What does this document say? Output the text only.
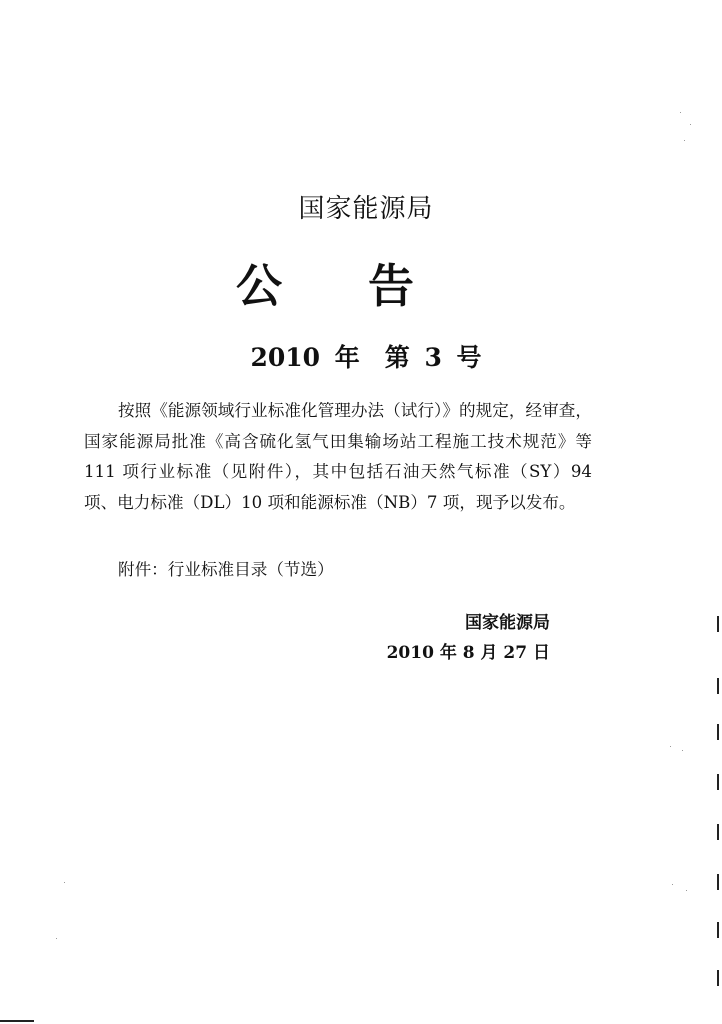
国家能源局
公 告
2010 年　第 3 号

按照《能源领域行业标准化管理办法（试行）》的规定，经审查，国家能源局批准《高含硫化氢气田集输场站工程施工技术规范》等 111 项行业标准（见附件），其中包括石油天然气标准（SY）94 项、电力标准（DL）10 项和能源标准（NB）7 项，现予以发布。

附件：行业标准目录（节选）

国家能源局
2010 年 8 月 27 日
